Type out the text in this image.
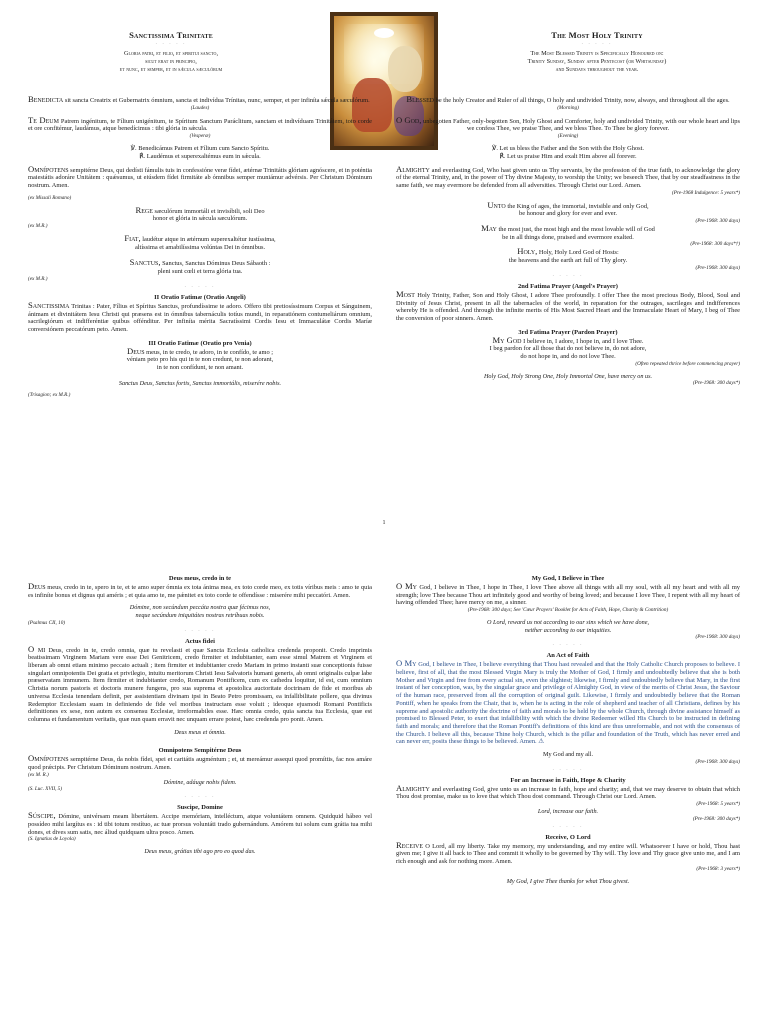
Sanctissima Trinitate

· · · · ·

Gloria patri, et filio, et spiritui sancto,

sicut erat in principio,

et nunc, et semper, et in sǽcula sæculórum

The Most Holy Trinity

· · · · ·

The Most Blessed Trinity is Specifically Honoured on:

Trinity Sunday, Sunday after Pentecost (or Whitsunday)

and Sundays throughout the year.

Benedicta sit sancta Creatrix et Gubernatrix ómnium, sancta et indivídua Trínitas, nunc, semper, et per infiníta sǽcula sæculórum.

(Laudes)

Te Deum Patrem ingénitum, te Fílium unigénitum, te Spíritum Sanctum Paráclitum, sanctam et indivíduam Trinitátem, toto corde et ore confitémur, laudámus, atque benedícimus : tibi glória in sǽcula.

(Vesperæ)

℣. Benedicámus Patrem et Fílium cum Sancto Spíritu.

℟. Laudémus et superexaltémus eum in sǽcula.

Omnípotens sempitérne Deus, qui dedísti fámulis tuis in confessióne veræ fídei, ætérnæ Trinitátis glóriam agnóscere, et in poténtia maiestátis adoráre Unitátem : quǽsumus, ut eiúsdem fídei firmitáte ab ómnibus semper muniámur advérsis. Per Christum Dóminum nostrum. Amen.

(ex Missali Romano)

Rege sæculórum immortáli et invisíbili, soli Deo

honor et glória in sǽcula sæculórum.

(ex M.R.)

Fiat, laudétur atque in ætérnum superexaltétur iustíssima,

altíssima et amabilíssima volúntas Dei in ómnibus.

Sanctus, Sanctus, Sanctus Dóminus Deus Sábaoth :

pleni sunt cœli et terra glória tua.

(ex M.R.)

· · · · ·

II Oratio Fatimæ (Oratio Angeli)

Sanctissima Trinitas : Pater, Fílius et Spíritus Sanctus, profundíssime te adoro. Offero tibi pretiosíssimum Corpus et Sánguinem, ánimam et divinitátem Iesu Christi qui præsens est in ómnibus tabernáculis totíus mundi, in reparatiónem contumeliárum omnium, sacrilegiórum et indifferéntiæ quibus offénditur. Per infiníta mérita Sacratíssimi Cordis Iesu et Immaculátæ Cordis Maríæ conversiónem peccatórum peto. Amen.

III Oratio Fatimæ (Oratio pro Venia)

Deus meus, in te credo, te adoro, in te confído, te amo ;

véniam peto pro his qui in te non credunt, te non adorant,

in te non confídunt, te non amant.

Sanctus Deus, Sanctus fortis, Sanctus immortális, miserére nobis.

(Trisagion; ex M.R.)

Blessed be the holy Creator and Ruler of all things, O holy and undivided Trinity, now, always, and throughout all the ages.

(Morning)

O God, unbegotten Father, only-begotten Son, Holy Ghost and Comforter, holy and undivided Trinity, with our whole heart and lips we confess Thee, we praise Thee, and we bless Thee. To Thee be glory forever.

(Evening)

℣. Let us bless the Father and the Son with the Holy Ghost.

℟. Let us praise Him and exalt Him above all forever.

Almighty and everlasting God, Who hast given unto us Thy servants, by the profession of the true faith, to acknowledge the glory of the eternal Trinity, and, in the power of Thy divine Majesty, to worship the Unity; we beseech Thee, that by our steadfastness in the same faith, we may evermore be defended from all adversities. Through Christ our Lord. Amen.

(Pre-1968 Indulgence: 5 years*)

Unto the King of ages, the immortal, invisible and only God,

be honour and glory for ever and ever.

(Pre-1968: 300 days)

May the most just, the most high and the most lovable will of God

be in all things done, praised and evermore exalted.

(Pre-1968: 300 days*†)

Holy, Holy, Holy Lord God of Hosts:

the heavens and the earth art full of Thy glory.

(Pre-1968: 300 days)

· · · · ·

2nd Fatima Prayer (Angel's Prayer)

Most Holy Trinity, Father, Son and Holy Ghost, I adore Thee profoundly. I offer Thee the most precious Body, Blood, Soul and Divinity of Jesus Christ, present in all the tabernacles of the world, in reparation for the outrages, sacrileges and indifferences whereby He is offended. And through the infinite merits of His Most Sacred Heart and the Immaculate Heart of Mary, I beg of Thee the conversion of poor sinners. Amen.

3rd Fatima Prayer (Pardon Prayer)

My God I believe in, I adore, I hope in, and I love Thee.

I beg pardon for all those that do not believe in, do not adore,

do not hope in, and do not love Thee.

(Often repeated thrice before commencing prayer)

Holy God, Holy Strong One, Holy Immortal One, have mercy on us.

(Pre-1968: 300 days*)

1

Deus meus, credo in te

Deus meus, credo in te, spero in te, et te amo super ómnia ex tota ánima mea, ex toto corde meo, ex totis víribus meis : amo te quia es infiníte bonus et dignus qui améris ; et quia amo te, me pǽnitet ex toto corde te offendísse : miserére mihi peccatóri. Amen.

Dómine, non secúndum peccáta nostra quæ fécimus nos,

neque secúndum iniquitátes nostras retríbuas nobis.

(Psalmus CII, 10)

· · · · ·

Actus fidei

O mi Deus, credo in te, credo omnia, quæ tu revelasti et quæ Sancta Ecclesia catholica credenda proponit. Credo imprimis beatissimam Virginem Mariam vere esse Dei Genitricem, credo firmiter et indubitanter, eam esse simul Matrem et Virginem et liberam ab omni etiam minimo peccato actuali ; item firmiter et indubitanter credo Mariam in primo instanti suæ conceptionis fuisse singulari omnipotentis Dei gratia et privilegio, intuitu meritorum Christi Iesu Salvatoris humani generis, ab omni originalis culpæ labe præservatam immunem. Item firmiter et indubitanter credo, Romanum Pontificem, cum ex cathedra loquitur, id est, cum omnium Christia norum pastoris et doctoris munere fungens, pro sua suprema et apostolica auctoritate doctrinam de fide et moribus ab universa Ecclesia tenendam definit, per assistentiam divinam ipsi in Beato Petro promissam, ea infallibilitate pollere, qua divinus Redemptor Ecclesiam suam in definiendo de fide vel moribus instructam esse voluit ; ideoque ejusmodi Romani Pontificis definitiones ex sese, non autem ex consensu Ecclesiæ, irreformabiles esse. Hæc omnia credo, quia sancta tua Ecclesia, quæ est columna et fundamentum veritatis, quæ nun quam erravit nec unquam errare potest, hæc credenda pro ponit. Amen.

Deus meus et ómnia.

· · · · ·

Omnipotens Sempitérne Deus

Omnípotens sempitérne Deus, da nobis fídei, spei et caritátis augméntum ; et, ut mereámur assequi quod promíttis, fac nos amáre quod prǽcipis. Per Christum Dóminum nostrum. Amen.

(ex M. R.)

Dómine, adáuge nobis fidem.

(S. Luc. XVII, 5)

· · · · ·

Suscipe, Domine

Súscipe, Dómine, univérsam meam libertátem. Accipe memóriam, intelléctum, atque voluntátem omnem. Quidquid hábeo vel possídeo mihi largítus es : id tibi totum restítuo, ac tuæ prorsus voluntáti trado gubernándum. Amórem tui solum cum grátia tua mihi dones, et dives sum satis, nec áliud quidquam ultra posco. Amen.

(S. Ignatius de Loyola)

Deus meus, grátias tibi ago pro eo quod das.

My God, I Believe in Thee

O My God, I believe in Thee, I hope in Thee, I love Thee above all things with all my soul, with all my heart and with all my strength; love Thee because Thou art infinitely good and worthy of being loved; and because I love Thee, I repent with all my heart of having offended Thee; have mercy on me, a sinner.

(Pre-1968: 300 days; See 'Cœur Prayers' Booklet for Acts of Faith, Hope, Charity & Contrition)

O Lord, reward us not according to our sins which we have done,

neither according to our iniquities.

(Pre-1968: 300 days)

· · · · ·

An Act of Faith

O My God, I believe in Thee, I believe everything that Thou hast revealed and that the Holy Catholic Church proposes to believe. I believe, first of all, that the most Blessed Virgin Mary is truly the Mother of God, I firmly and undoubtedly believe that she is both Mother and Virgin and free from every actual sin, even the slightest; likewise, I firmly and undoubtedly believe that Mary, in the first instant of her conception, was, by the singular grace and privilege of Almighty God, in view of the merits of Christ Jesus, the Saviour of the human race, preserved from all the corruption of original guilt. Likewise, I firmly and undoubtedly believe that the Roman Pontiff, when he speaks from the Chair, that is, when he is acting in the role of shepherd and teacher of all Christians, defines by his supreme and apostolic authority the doctrine of faith and morals to be held by the whole Church, through divine assistance himself as promised to Blessed Peter, to exert that infallibility with which the divine Redeemer willed His Church to be instructed in defining faith and morals; and therefore that the Roman Pontiff's definitions of this kind are thus unreformable, and not with the consensus of the Church. I believe all this, because Thine holy Church, which is the pillar and foundation of the Truth, which has never erred and can never err, posits these things to be believed. Amen. ⚠

My God and my all.

(Pre-1968: 300 days)

· · · · ·

For an Increase in Faith, Hope & Charity

Almighty and everlasting God, give unto us an increase in faith, hope and charity; and, that we may deserve to obtain that which Thou dost promise, make us to love that which Thou dost command. Through Christ our Lord. Amen.

(Pre-1968: 5 years*)

Lord, increase our faith.

(Pre-1968: 300 days*)

· · · · ·

Receive, O Lord

Receive O Lord, all my liberty. Take my memory, my understanding, and my entire will. Whatsoever I have or hold, Thou hast given me; I give it all back to Thee and commit it wholly to be governed by Thy will. Thy love and Thy grace give unto me, and I am rich enough and ask for nothing more. Amen.

(Pre-1968: 3 years*)

My God, I give Thee thanks for what Thou givest.
